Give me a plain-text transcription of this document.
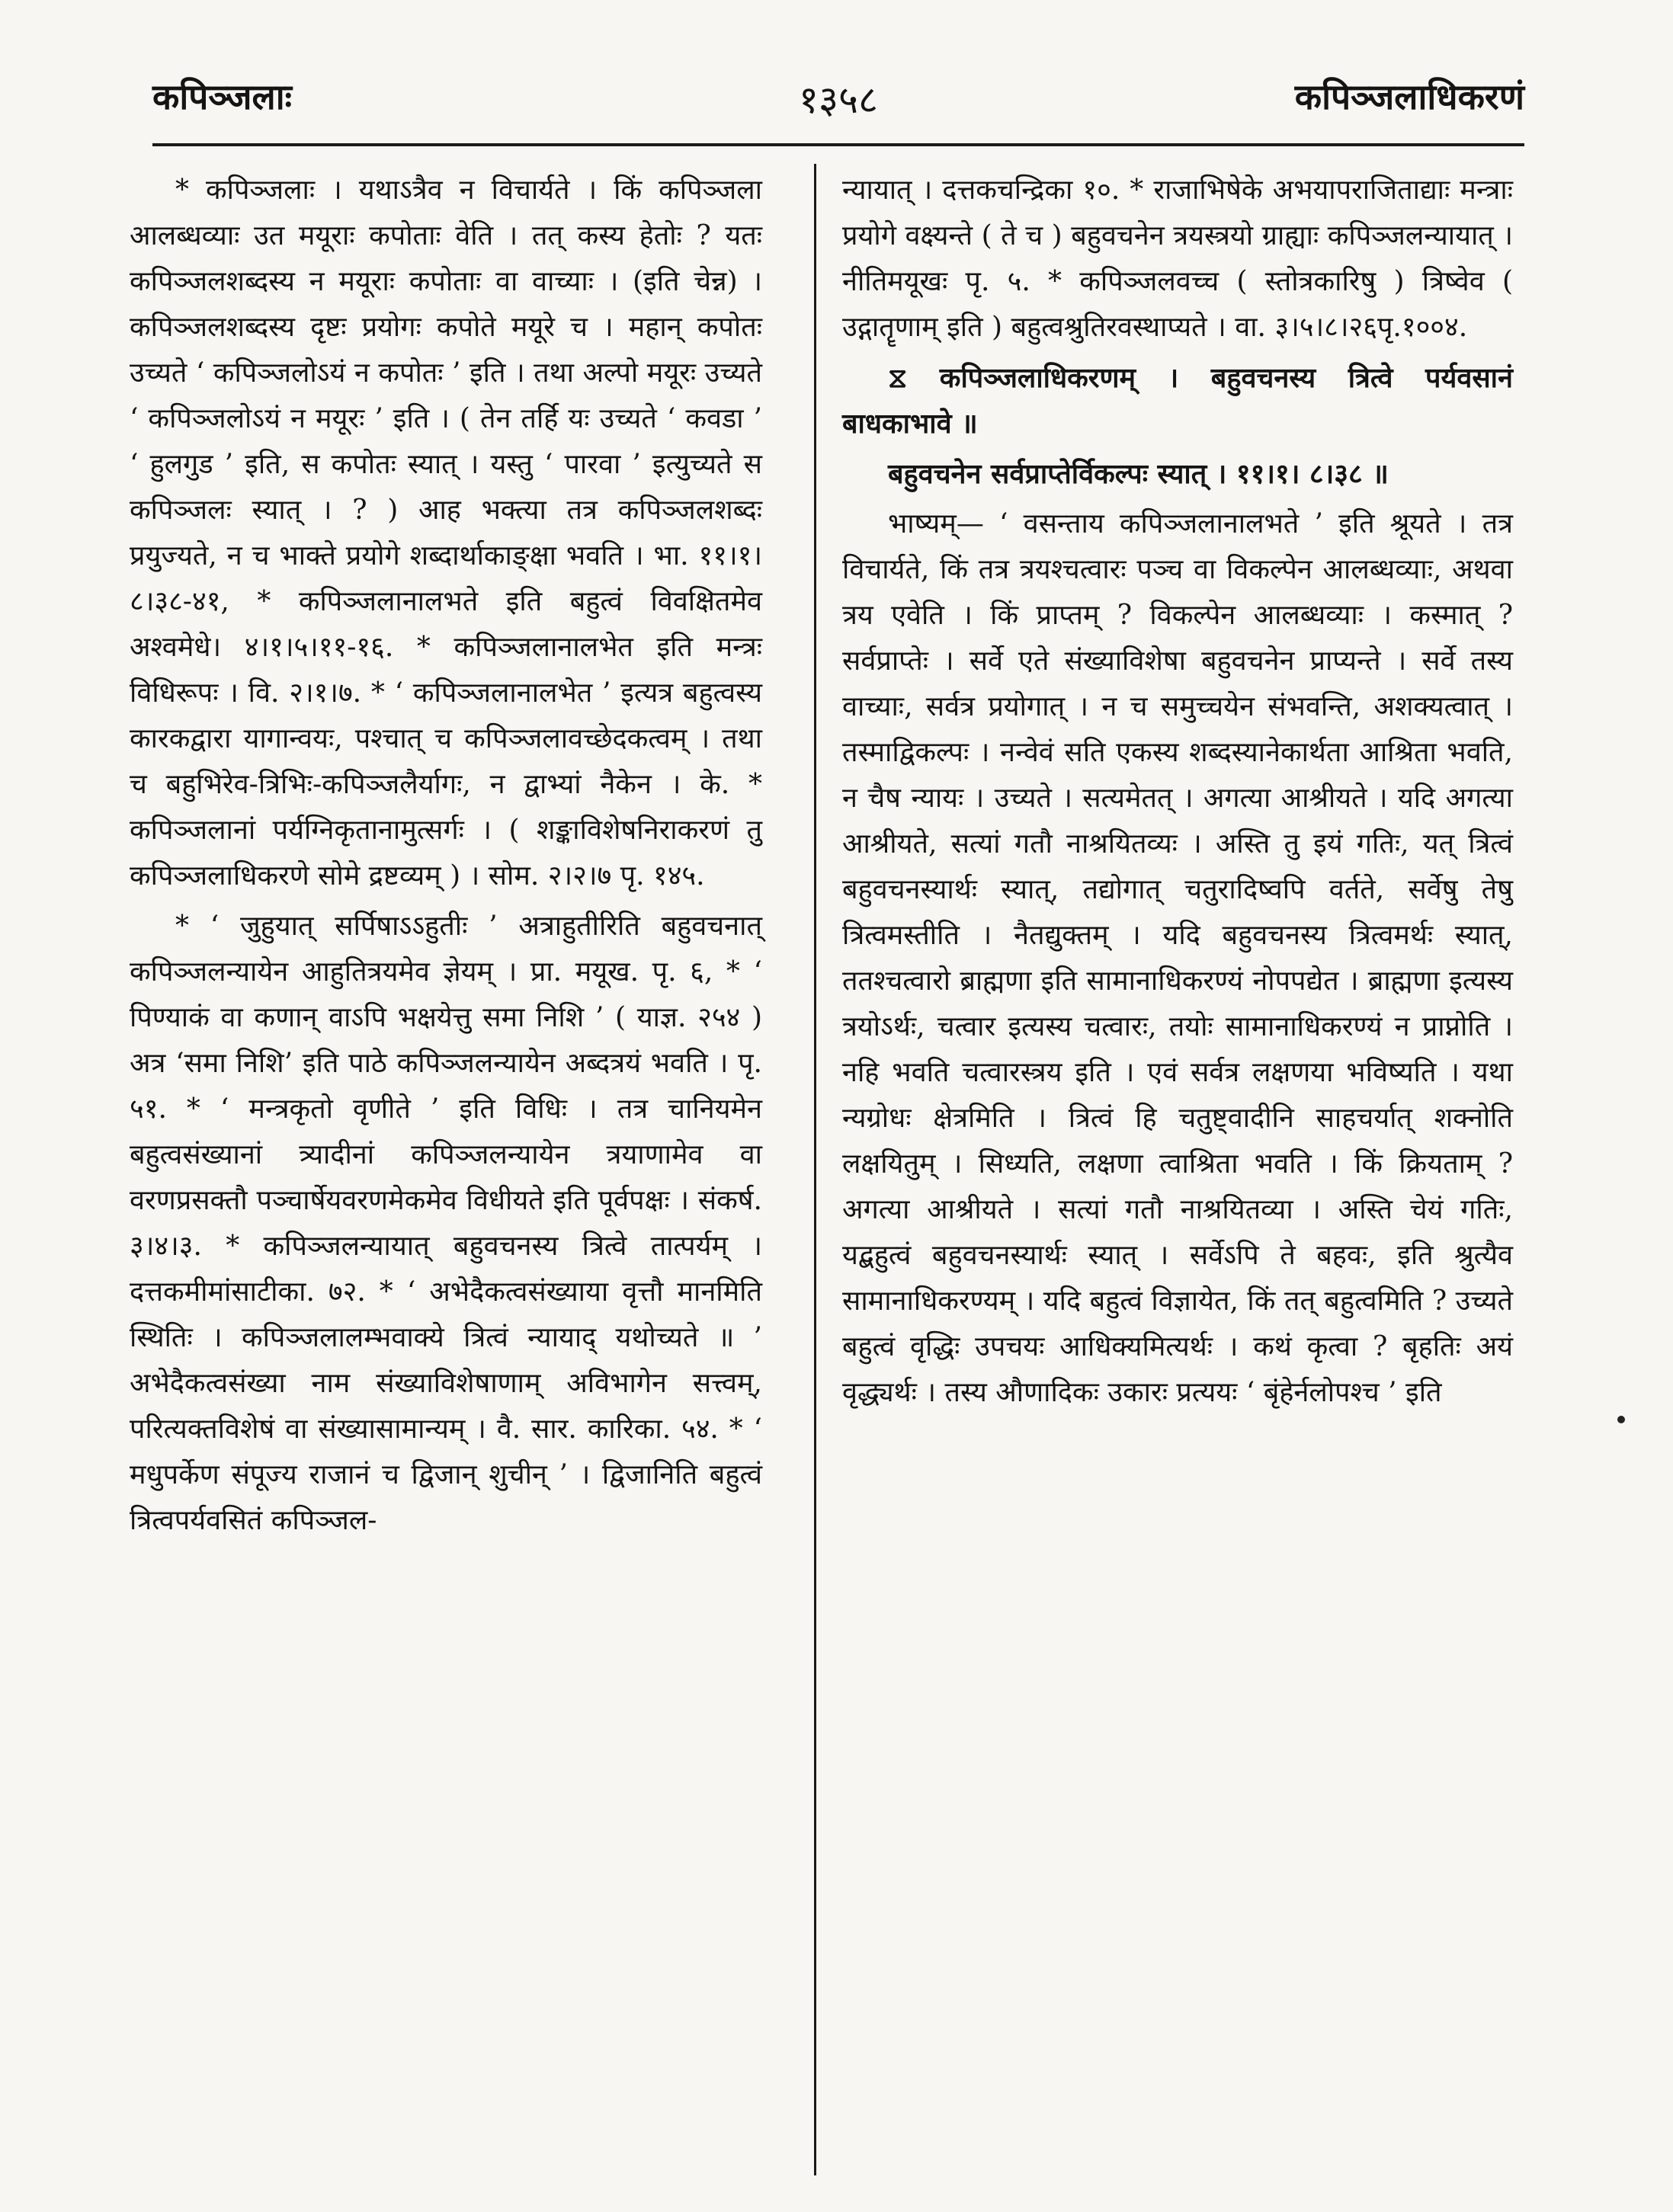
कपिञ्जलाः	१३५८	कपिञ्जलाधिकरणं

* कपिञ्जलाः । यथाऽत्रैव न विचार्यते । किं कपिञ्जला आलब्धव्याः उत मयूराः कपोताः वेति । तत् कस्य हेतोः ? यतः कपिञ्जलशब्दस्य न मयूराः कपोताः वा वाच्याः । (इति चेन्न) । कपिञ्जलशब्दस्य दृष्टः प्रयोगः कपोते मयूरे च । महान् कपोतः उच्यते ‘ कपिञ्जलोऽयं न कपोतः ’ इति । तथा अल्पो मयूरः उच्यते ‘ कपिञ्जलोऽयं न मयूरः ’ इति । ( तेन तर्हि यः उच्यते ‘ कवडा ’ ‘ हुलगुड ’ इति, स कपोतः स्यात् । यस्तु ‘ पारवा ’ इत्युच्यते स कपिञ्जलः स्यात् । ? ) आह भक्त्या तत्र कपिञ्जलशब्दः प्रयुज्यते, न च भाक्ते प्रयोगे शब्दार्थाकाङ्क्षा भवति । भा. ११।१।८।३८-४१, * कपिञ्जलानालभते इति बहुत्वं विवक्षितमेव अश्वमेधे। ४।१।५।११-१६. * कपिञ्जलानालभेत इति मन्त्रः विधिरूपः । वि. २।१।७. * ‘ कपिञ्जलानालभेत ’ इत्यत्र बहुत्वस्य कारकद्वारा यागान्वयः, पश्चात् च कपिञ्जलावच्छेदकत्वम् । तथा च बहुभिरेव-त्रिभिः-कपिञ्जलैर्यागः, न द्वाभ्यां नैकेन । के. * कपिञ्जलानां पर्यग्निकृतानामुत्सर्गः । ( शङ्काविशेषनिराकरणं तु कपिञ्जलाधिकरणे सोमे द्रष्टव्यम् ) । सोम. २।२।७ पृ. १४५.

* ‘ जुहुयात् सर्पिषाऽऽहुतीः ’ अत्राहुतीरिति बहुवचनात् कपिञ्जलन्यायेन आहुतित्रयमेव ज्ञेयम् । प्रा. मयूख. पृ. ६, * ‘ पिण्याकं वा कणान् वाऽपि भक्षयेत्तु समा निशि ’ ( याज्ञ. २५४ ) अत्र ‘समा निशि’ इति पाठे कपिञ्जलन्यायेन अब्दत्रयं भवति । पृ. ५१. * ‘ मन्त्रकृतो वृणीते ’ इति विधिः । तत्र चानियमेन बहुत्वसंख्यानां त्र्यादीनां कपिञ्जलन्यायेन त्रयाणामेव वा वरणप्रसक्तौ पञ्चार्षेयवरणमेकमेव विधीयते इति पूर्वपक्षः । संकर्ष. ३।४।३. * कपिञ्जलन्यायात् बहुवचनस्य त्रित्वे तात्पर्यम् । दत्तकमीमांसाटीका. ७२. * ‘ अभेदैकत्वसंख्याया वृत्तौ मानमिति स्थितिः । कपिञ्जलालम्भवाक्ये त्रित्वं न्यायाद् यथोच्यते ॥ ’ अभेदैकत्वसंख्या नाम संख्याविशेषाणाम् अविभागेन सत्त्वम्, परित्यक्तविशेषं वा संख्यासामान्यम् । वै. सार. कारिका. ५४. * ‘ मधुपर्केण संपूज्य राजानं च द्विजान् शुचीन् ’ । द्विजानिति बहुत्वं त्रित्वपर्यवसितं कपिञ्जल-

न्यायात् । दत्तकचन्द्रिका १०. * राजाभिषेके अभयापराजिताद्याः मन्त्राः प्रयोगे वक्ष्यन्ते ( ते च ) बहुवचनेन त्रयस्त्रयो ग्राह्याः कपिञ्जलन्यायात् । नीतिमयूखः पृ. ५. * कपिञ्जलवच्च ( स्तोत्रकारिषु ) त्रिष्वेव ( उद्गातॄणाम् इति ) बहुत्वश्रुतिरवस्थाप्यते । वा. ३।५।८।२६पृ.१००४.

⧖ कपिञ्जलाधिकरणम् । बहुवचनस्य त्रित्वे पर्यवसानं बाधकाभावे ॥

बहुवचनेन सर्वप्राप्तेर्विकल्पः स्यात् । ११।१। ८।३८ ॥

भाष्यम्— ‘ वसन्ताय कपिञ्जलानालभते ’ इति श्रूयते । तत्र विचार्यते, किं तत्र त्रयश्चत्वारः पञ्च वा विकल्पेन आलब्धव्याः, अथवा त्रय एवेति । किं प्राप्तम् ? विकल्पेन आलब्धव्याः । कस्मात् ? सर्वप्राप्तेः । सर्वे एते संख्याविशेषा बहुवचनेन प्राप्यन्ते । सर्वे तस्य वाच्याः, सर्वत्र प्रयोगात् । न च समुच्चयेन संभवन्ति, अशक्यत्वात् । तस्माद्विकल्पः । नन्वेवं सति एकस्य शब्दस्यानेकार्थता आश्रिता भवति, न चैष न्यायः । उच्यते । सत्यमेतत् । अगत्या आश्रीयते । यदि अगत्या आश्रीयते, सत्यां गतौ नाश्रयितव्यः । अस्ति तु इयं गतिः, यत् त्रित्वं बहुवचनस्यार्थः स्यात्, तद्योगात् चतुरादिष्वपि वर्तते, सर्वेषु तेषु त्रित्वमस्तीति । नैतद्युक्तम् । यदि बहुवचनस्य त्रित्वमर्थः स्यात्, ततश्चत्वारो ब्राह्मणा इति सामानाधिकरण्यं नोपपद्येत । ब्राह्मणा इत्यस्य त्रयोऽर्थः, चत्वार इत्यस्य चत्वारः, तयोः सामानाधिकरण्यं न प्राप्नोति । नहि भवति चत्वारस्त्रय इति । एवं सर्वत्र लक्षणया भविष्यति । यथा न्यग्रोधः क्षेत्रमिति । त्रित्वं हि चतुष्ट्वादीनि साहचर्यात् शक्नोति लक्षयितुम् । सिध्यति, लक्षणा त्वाश्रिता भवति । किं क्रियताम् ? अगत्या आश्रीयते । सत्यां गतौ नाश्रयितव्या । अस्ति चेयं गतिः, यद्बहुत्वं बहुवचनस्यार्थः स्यात् । सर्वेऽपि ते बहवः, इति श्रुत्यैव सामानाधिकरण्यम् । यदि बहुत्वं विज्ञायेत, किं तत् बहुत्वमिति ? उच्यते बहुत्वं वृद्धिः उपचयः आधिक्यमित्यर्थः । कथं कृत्वा ? बृहतिः अयं वृद्ध्यर्थः । तस्य औणादिकः उकारः प्रत्ययः ‘ बृंहेर्नलोपश्च ’ इति
